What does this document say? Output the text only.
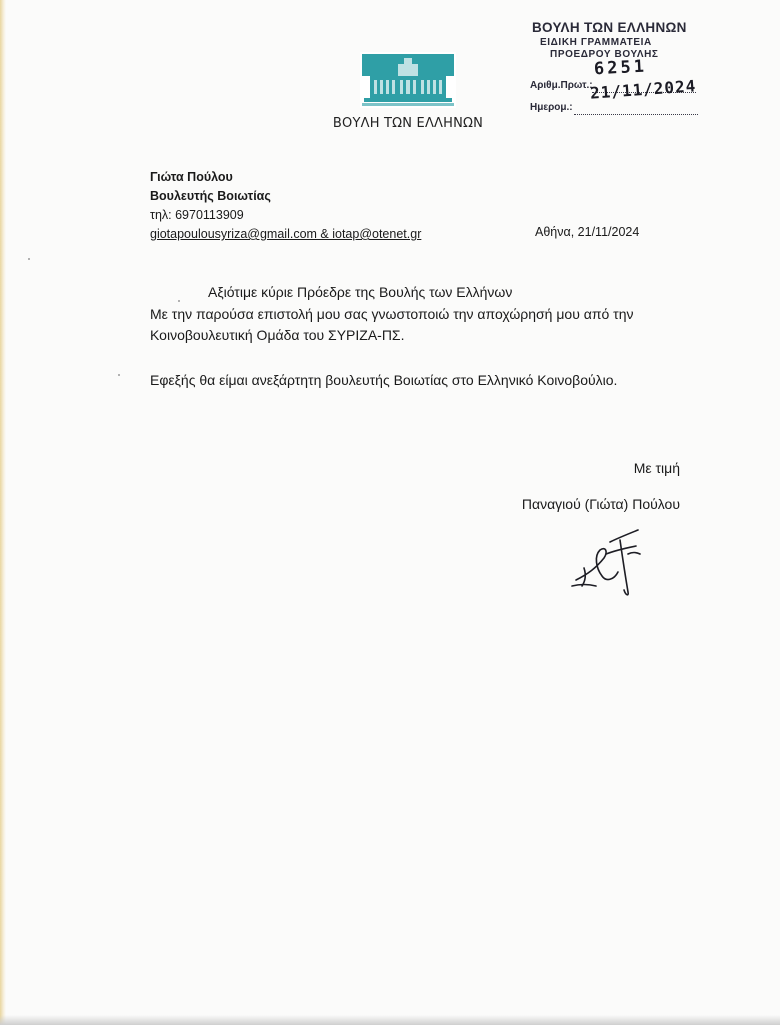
ΒΟΥΛΗ ΤΩΝ ΕΛΛΗΝΩΝ
ΒΟΥΛΗ ΤΩΝ ΕΛΛΗΝΩΝ
ΕΙΔΙΚΗ ΓΡΑΜΜΑΤΕΙΑ
ΠΡΟΕΔΡΟΥ ΒΟΥΛΗΣ
Αριθμ.Πρωτ.:
6251
Ημερομ.:
21/11/2024
Γιώτα Πούλου
Βουλευτής Βοιωτίας
τηλ: 6970113909
giotapoulousyriza@gmail.com & iotap@otenet.gr	Αθήνα, 21/11/2024
Αξιότιμε κύριε Πρόεδρε της Βουλής των Ελλήνων
Με την παρούσα επιστολή μου σας γνωστοποιώ την αποχώρησή μου από την Κοινοβουλευτική Ομάδα του ΣΥΡΙΖΑ-ΠΣ.
Εφεξής θα είμαι ανεξάρτητη βουλευτής Βοιωτίας στο Ελληνικό Κοινοβούλιο.
Με τιμή
Παναγιού (Γιώτα) Πούλου
